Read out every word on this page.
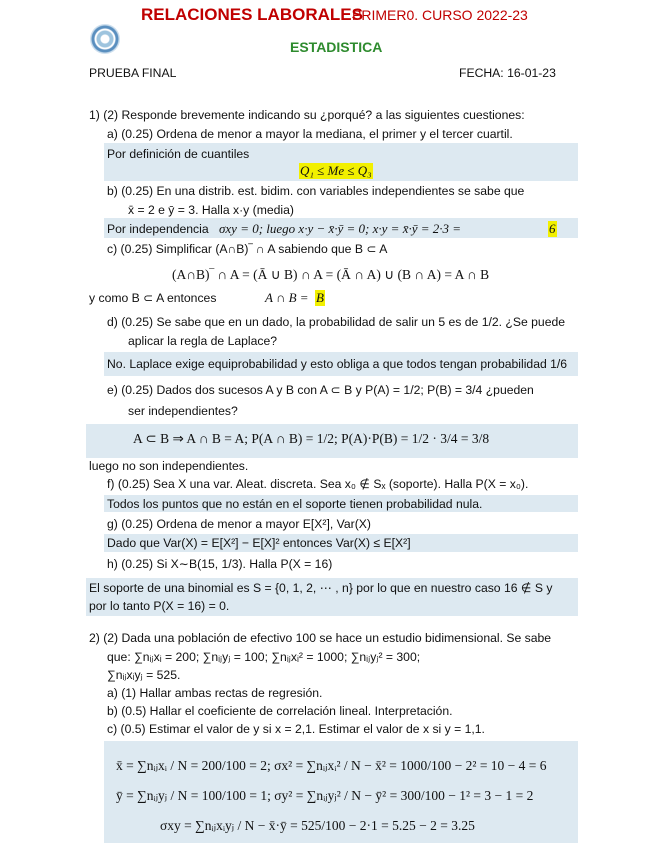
RELACIONES LABORALES
PRIMER0. CURSO 2022-23
ESTADISTICA
PRUEBA FINAL	FECHA: 16-01-23
1) (2) Responde brevemente indicando su ¿porqué? a las siguientes cuestiones:
a) (0.25) Ordena de menor a mayor la mediana, el primer y el tercer cuartil.
Por definición de cuantiles
Q₁ ≤ Me ≤ Q₃
b) (0.25) En una distrib. est. bidim. con variables independientes se sabe que
x̄ = 2 e ȳ = 3. Halla x·y (media)
Por independencia σxy = 0; luego x·y − x̄·ȳ = 0; x·y = x̄·ȳ = 2·3 =	6
c) (0.25) Simplificar (A∩B)‾ ∩ A sabiendo que B ⊂ A
(A∩B)‾ ∩ A = (Ā ∪ B) ∩ A = (Ā ∩ A) ∪ (B ∩ A) = A ∩ B
y como B ⊂ A entonces	A ∩ B = B
d) (0.25) Se sabe que en un dado, la probabilidad de salir un 5 es de 1/2. ¿Se puede
aplicar la regla de Laplace?
No. Laplace exige equiprobabilidad y esto obliga a que todos tengan probabilidad 1/6
e) (0.25) Dados dos sucesos A y B con A ⊂ B y P(A) = 1/2; P(B) = 3/4 ¿pueden
ser independientes?
A ⊂ B ⇒ A ∩ B = A; P(A ∩ B) = 1/2; P(A)·P(B) = 1/2 · 3/4 = 3/8
luego no son independientes.
f) (0.25) Sea X una var. Aleat. discreta. Sea x₀ ∉ Sₓ (soporte). Halla P(X = x₀).
Todos los puntos que no están en el soporte tienen probabilidad nula.
g) (0.25) Ordena de menor a mayor E[X²], Var(X)
Dado que Var(X) = E[X²] − E[X]² entonces Var(X) ≤ E[X²]
h) (0.25) Si X∼B(15, 1/3). Halla P(X = 16)
El soporte de una binomial es S = {0, 1, 2, ⋯ , n} por lo que en nuestro caso 16 ∉ S y
por lo tanto P(X = 16) = 0.
2) (2) Dada una población de efectivo 100 se hace un estudio bidimensional. Se sabe
que: ∑nᵢⱼxᵢ = 200; ∑nᵢⱼyⱼ = 100; ∑nᵢⱼxᵢ² = 1000; ∑nᵢⱼyⱼ² = 300;
∑nᵢⱼxᵢyⱼ = 525.
a) (1) Hallar ambas rectas de regresión.
b) (0.5) Hallar el coeficiente de correlación lineal. Interpretación.
c) (0.5) Estimar el valor de y si x = 2,1. Estimar el valor de x si y = 1,1.
x̄ = ∑nᵢⱼxᵢ / N = 200/100 = 2; σx² = ∑nᵢⱼxᵢ² / N − x̄² = 1000/100 − 2² = 10 − 4 = 6
ȳ = ∑nᵢⱼyⱼ / N = 100/100 = 1; σy² = ∑nᵢⱼyⱼ² / N − ȳ² = 300/100 − 1² = 3 − 1 = 2
σxy = ∑nᵢⱼxᵢyⱼ / N − x̄·ȳ = 525/100 − 2·1 = 5.25 − 2 = 3.25
